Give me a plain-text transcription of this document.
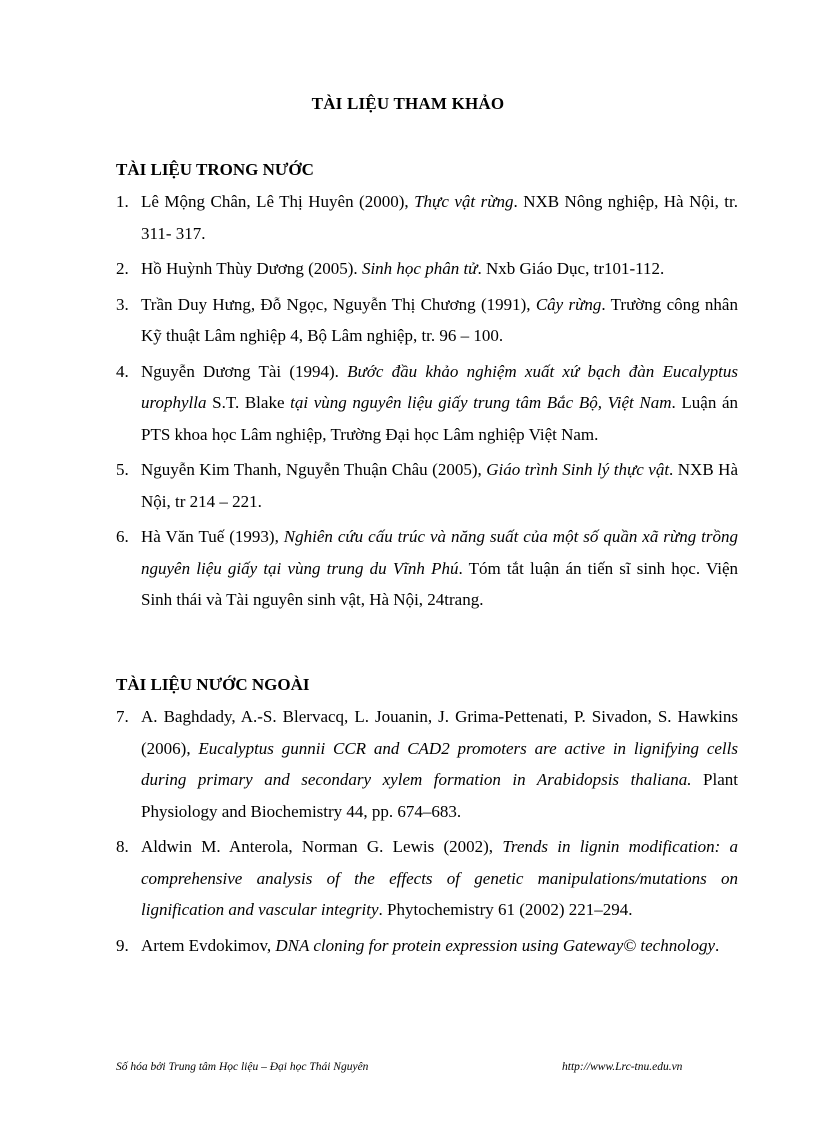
TÀI LIỆU THAM KHẢO
TÀI LIỆU TRONG NƯỚC
1. Lê Mộng Chân, Lê Thị Huyên (2000), Thực vật rừng. NXB Nông nghiệp, Hà Nội, tr. 311- 317.
2. Hồ Huỳnh Thùy Dương (2005). Sinh học phân tử. Nxb Giáo Dục, tr101-112.
3. Trần Duy Hưng, Đỗ Ngọc, Nguyễn Thị Chương (1991), Cây rừng. Trường công nhân Kỹ thuật Lâm nghiệp 4, Bộ Lâm nghiệp, tr. 96 – 100.
4. Nguyễn Dương Tài (1994). Bước đầu khảo nghiệm xuất xứ bạch đàn Eucalyptus urophylla S.T. Blake tại vùng nguyên liệu giấy trung tâm Bắc Bộ, Việt Nam. Luận án PTS khoa học Lâm nghiệp, Trường Đại học Lâm nghiệp Việt Nam.
5. Nguyễn Kim Thanh, Nguyễn Thuận Châu (2005), Giáo trình Sinh lý thực vật. NXB Hà Nội, tr 214 – 221.
6. Hà Văn Tuế (1993), Nghiên cứu cấu trúc và năng suất của một số quần xã rừng trồng nguyên liệu giấy tại vùng trung du Vĩnh Phú. Tóm tắt luận án tiến sĩ sinh học. Viện Sinh thái và Tài nguyên sinh vật, Hà Nội, 24trang.
TÀI LIỆU NƯỚC NGOÀI
7. A. Baghdady, A.-S. Blervacq, L. Jouanin, J. Grima-Pettenati, P. Sivadon, S. Hawkins (2006), Eucalyptus gunnii CCR and CAD2 promoters are active in lignifying cells during primary and secondary xylem formation in Arabidopsis thaliana. Plant Physiology and Biochemistry 44, pp. 674–683.
8. Aldwin M. Anterola, Norman G. Lewis (2002), Trends in lignin modification: a comprehensive analysis of the effects of genetic manipulations/mutations on lignification and vascular integrity. Phytochemistry 61 (2002) 221–294.
9. Artem Evdokimov, DNA cloning for protein expression using Gateway© technology.
Số hóa bởi Trung tâm Học liệu – Đại học Thái Nguyên	http://www.Lrc-tnu.edu.vn
